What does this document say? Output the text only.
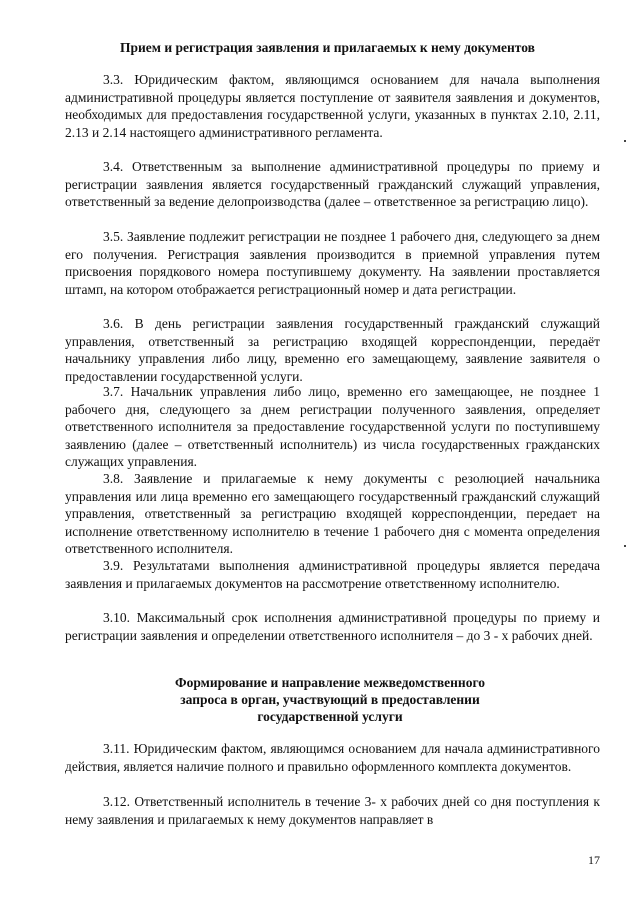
Прием и регистрация заявления и прилагаемых к нему документов

3.3. Юридическим фактом, являющимся основанием для начала выполнения административной процедуры является поступление от заявителя заявления и документов, необходимых для предоставления государственной услуги, указанных в пунктах 2.10, 2.11, 2.13 и 2.14 настоящего административного регламента.

3.4. Ответственным за выполнение административной процедуры по приему и регистрации заявления является государственный гражданский служащий управления, ответственный за ведение делопроизводства (далее – ответственное за регистрацию лицо).

3.5. Заявление подлежит регистрации не позднее 1 рабочего дня, следующего за днем его получения. Регистрация заявления производится в приемной управления путем присвоения порядкового номера поступившему документу. На заявлении проставляется штамп, на котором отображается регистрационный номер и дата регистрации.

3.6. В день регистрации заявления государственный гражданский служащий управления, ответственный за регистрацию входящей корреспонденции, передаёт начальнику управления либо лицу, временно его замещающему, заявление заявителя о предоставлении государственной услуги.

3.7. Начальник управления либо лицо, временно его замещающее, не позднее 1 рабочего дня, следующего за днем регистрации полученного заявления, определяет ответственного исполнителя за предоставление государственной услуги по поступившему заявлению (далее – ответственный исполнитель) из числа государственных гражданских служащих управления.

3.8. Заявление и прилагаемые к нему документы с резолюцией начальника управления или лица временно его замещающего государственный гражданский служащий управления, ответственный за регистрацию входящей корреспонденции, передает на исполнение ответственному исполнителю в течение 1 рабочего дня с момента определения ответственного исполнителя.

3.9. Результатами выполнения административной процедуры является передача заявления и прилагаемых документов на рассмотрение ответственному исполнителю.

3.10. Максимальный срок исполнения административной процедуры по приему и регистрации заявления и определении ответственного исполнителя – до 3 - х рабочих дней.

Формирование и направление межведомственного
запроса в орган, участвующий в предоставлении
государственной услуги

3.11. Юридическим фактом, являющимся основанием для начала административного действия, является наличие полного и правильно оформленного комплекта документов.

3.12. Ответственный исполнитель в течение 3- х рабочих дней со дня поступления к нему заявления и прилагаемых к нему документов направляет в

17
